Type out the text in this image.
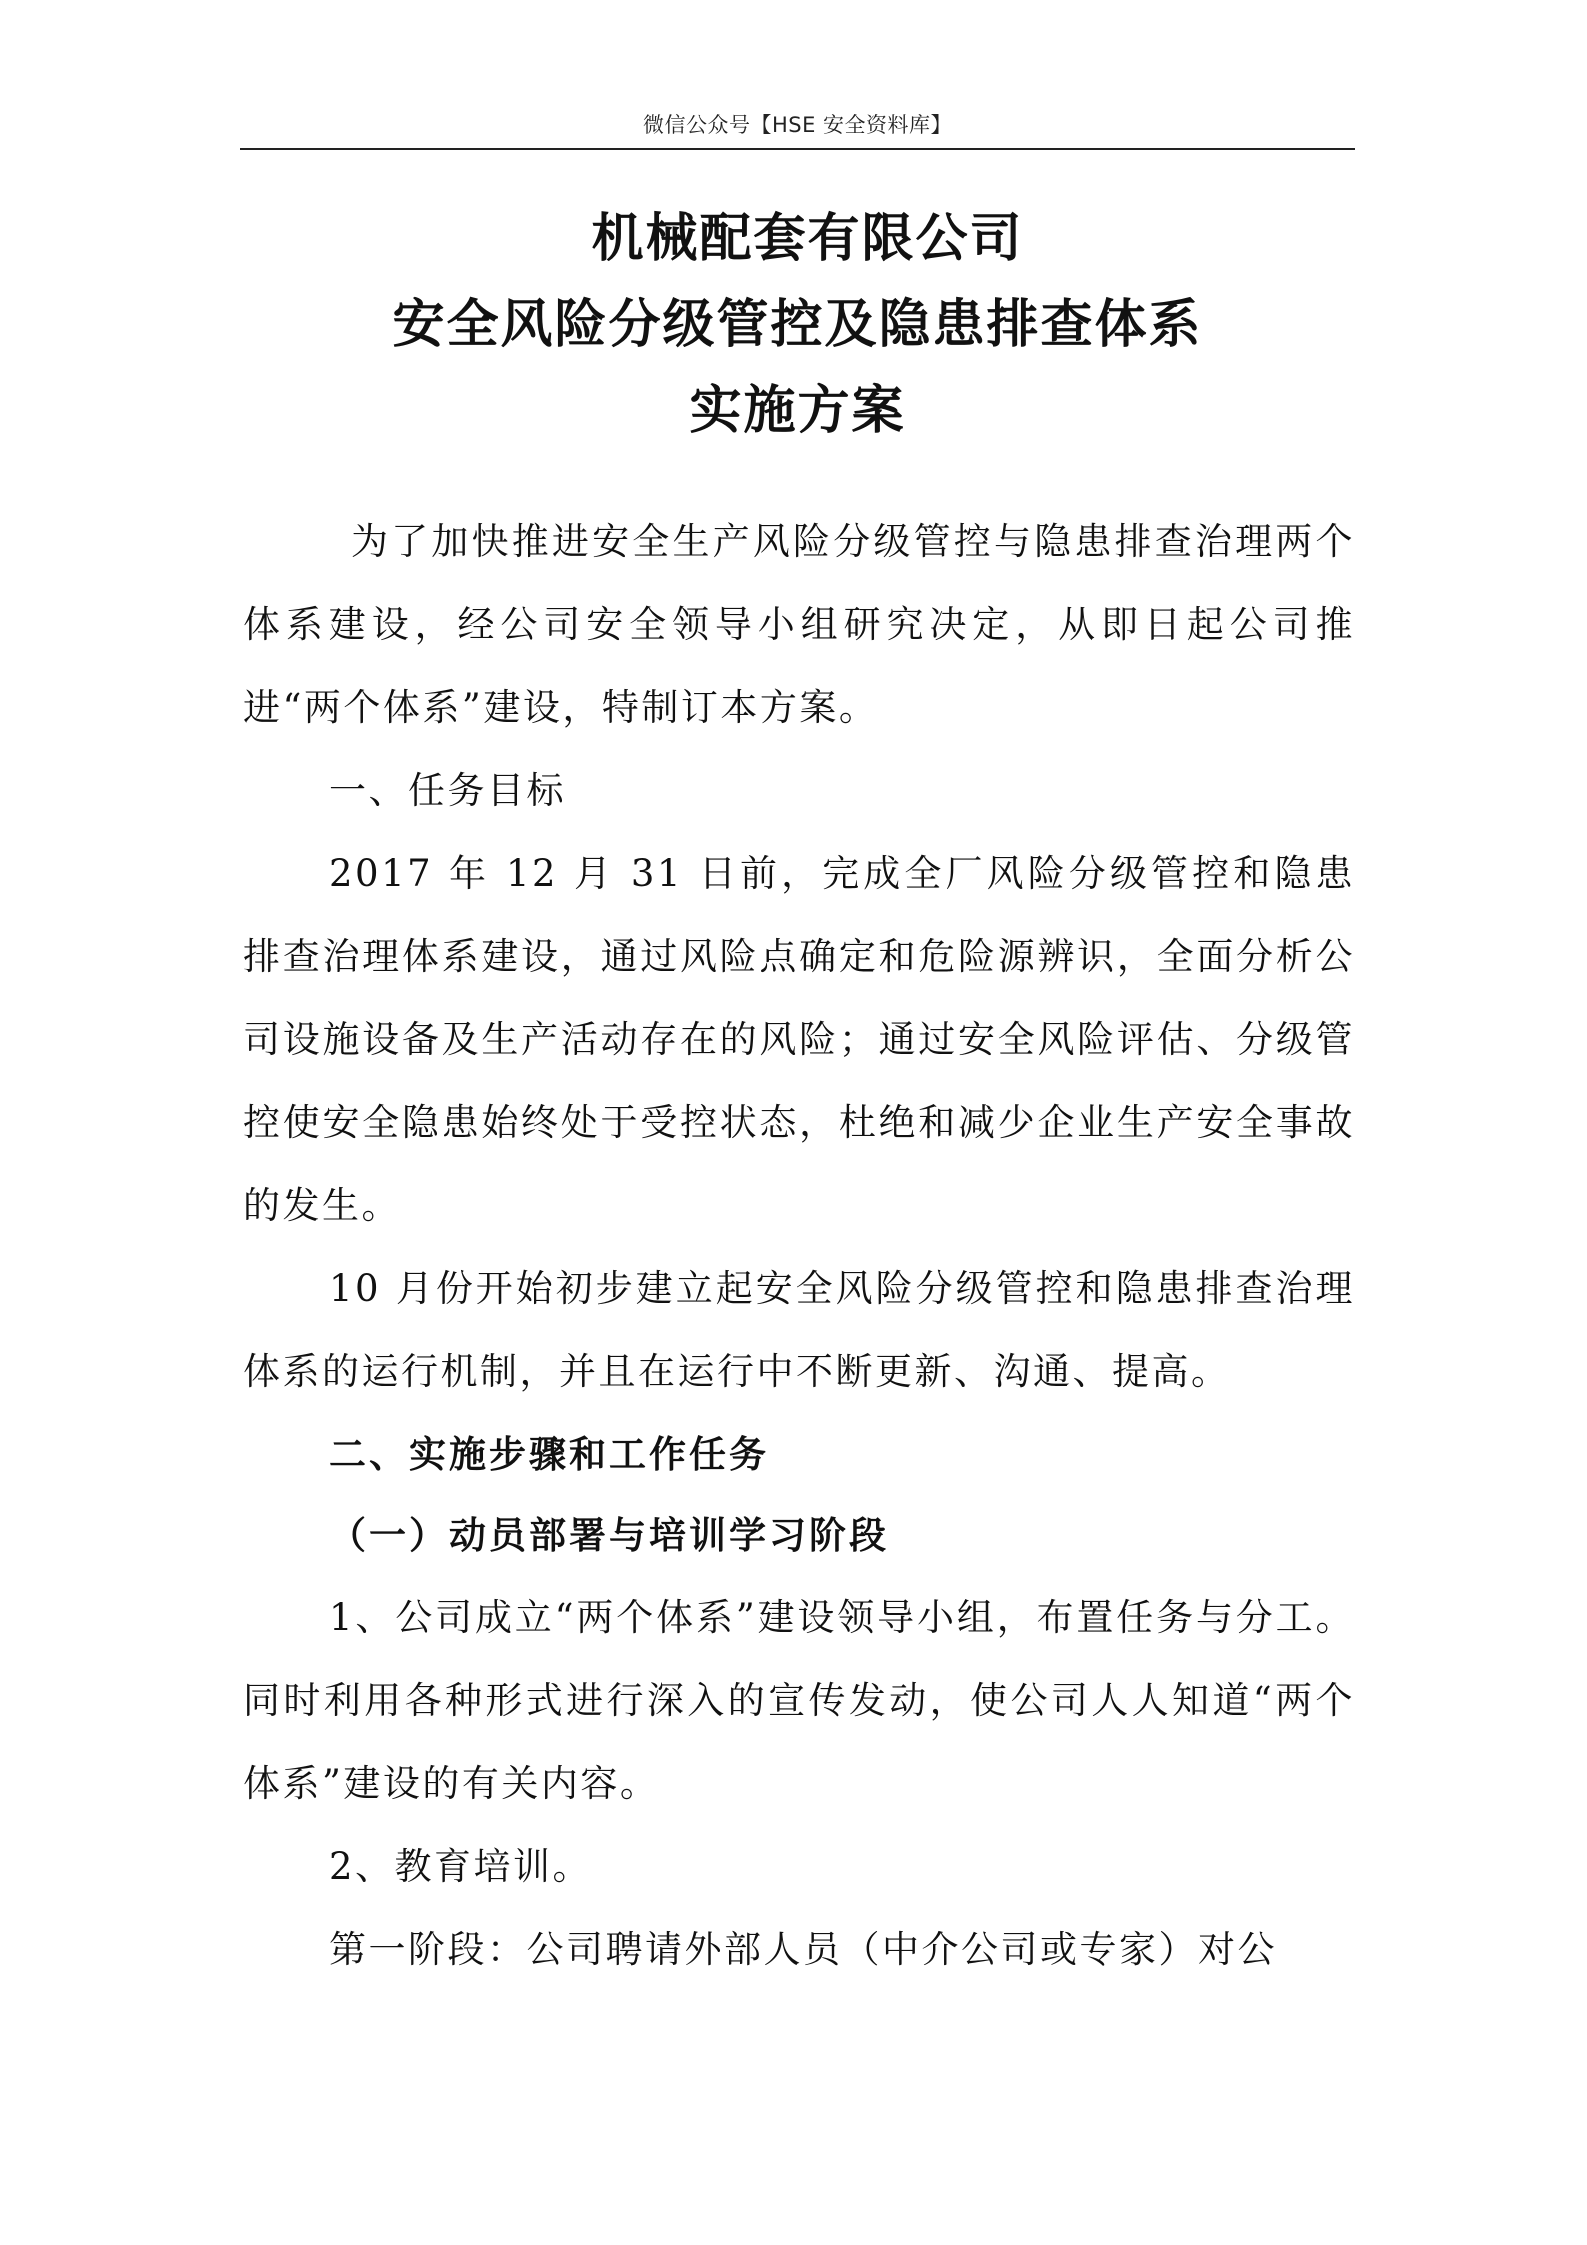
微信公众号【HSE 安全资料库】
机械配套有限公司
安全风险分级管控及隐患排查体系
实施方案

为了加快推进安全生产风险分级管控与隐患排查治理两个体系建设，经公司安全领导小组研究决定，从即日起公司推进“两个体系”建设，特制订本方案。

一、任务目标

2017 年 12 月 31 日前，完成全厂风险分级管控和隐患排查治理体系建设，通过风险点确定和危险源辨识，全面分析公司设施设备及生产活动存在的风险；通过安全风险评估、分级管控使安全隐患始终处于受控状态，杜绝和减少企业生产安全事故的发生。

10 月份开始初步建立起安全风险分级管控和隐患排查治理体系的运行机制，并且在运行中不断更新、沟通、提高。

二、实施步骤和工作任务

（一）动员部署与培训学习阶段

1、公司成立“两个体系”建设领导小组，布置任务与分工。同时利用各种形式进行深入的宣传发动，使公司人人知道“两个体系”建设的有关内容。

2、教育培训。

第一阶段：公司聘请外部人员（中介公司或专家）对公
